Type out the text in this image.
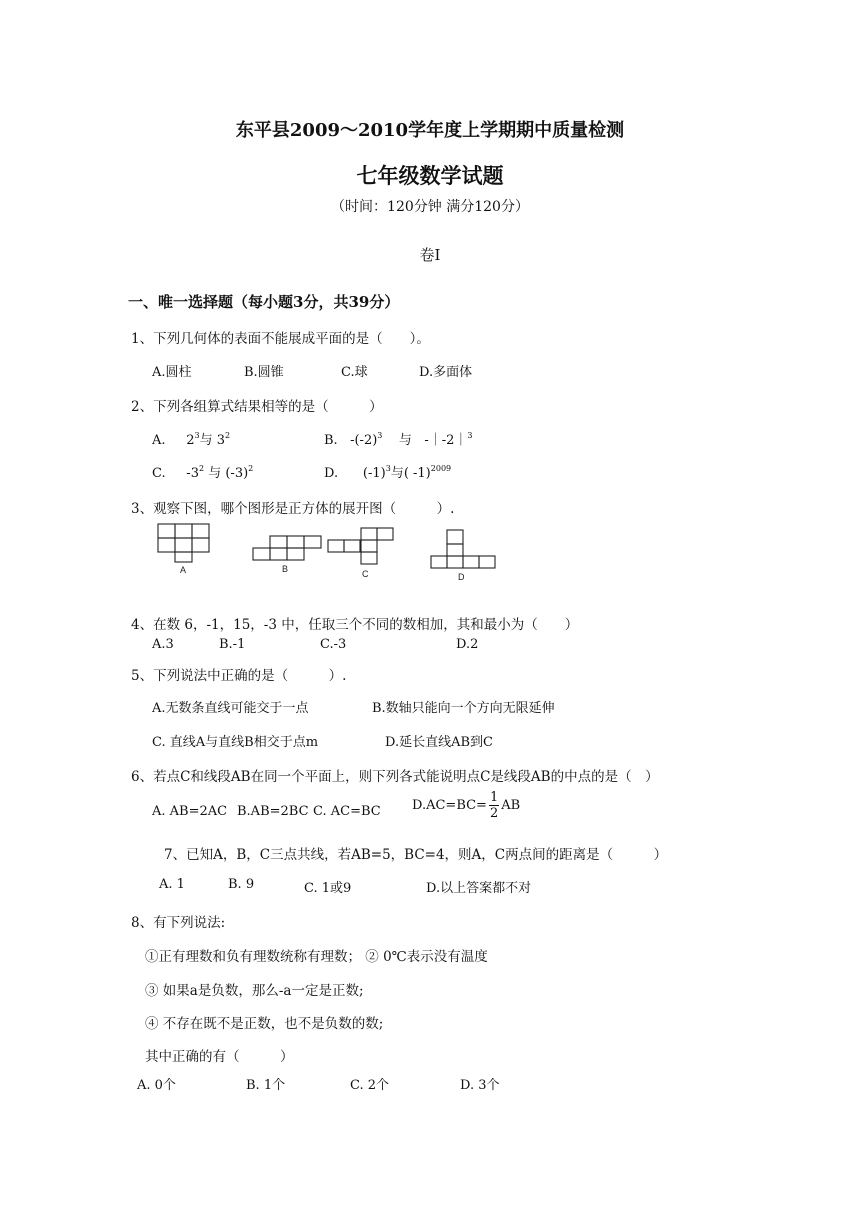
东平县2009～2010学年度上学期期中质量检测
七年级数学试题
（时间：120分钟 满分120分）
卷Ⅰ
一、唯一选择题（每小题3分，共39分）
1、下列几何体的表面不能展成平面的是（　　）。
A.圆柱	B.圆锥	C.球	D.多面体
2、下列各组算式结果相等的是（　　　）
A. $2^3$与 $3^2$	B. $-(-2)^3$ 与 -｜-2｜$^3$
C. $-3^2$ 与 $(-3)^2$	D. $(-1)^3$与( -1)$^{2009}$
3、观察下图，哪个图形是正方体的展开图（　　　）.
A	B	C	D
4、在数 6，-1，15，-3 中，任取三个不同的数相加，其和最小为（　　）
A.3	B.-1	C.-3	D.2
5、下列说法中正确的是（　　　）.
A.无数条直线可能交于一点	B.数轴只能向一个方向无限延伸
C. 直线A与直线B相交于点m	D.延长直线AB到C
6、若点C和线段AB在同一个平面上，则下列各式能说明点C是线段AB的中点的是（　）
A. AB=2AC B.AB=2BC C. AC=BC $D.AC=BC= \frac{1}{2}$ AB
7、已知A，B，C三点共线，若AB=5，BC=4，则A，C两点间的距离是（　　　）
A. 1	B. 9	C. 1或9	D.以上答案都不对
8、有下列说法:
①正有理数和负有理数统称有理数； ② 0℃表示没有温度
③ 如果a是负数，那么-a一定是正数;
④ 不存在既不是正数，也不是负数的数;
其中正确的有（　　　）
A. 0个	B. 1个	C. 2个	D. 3个
